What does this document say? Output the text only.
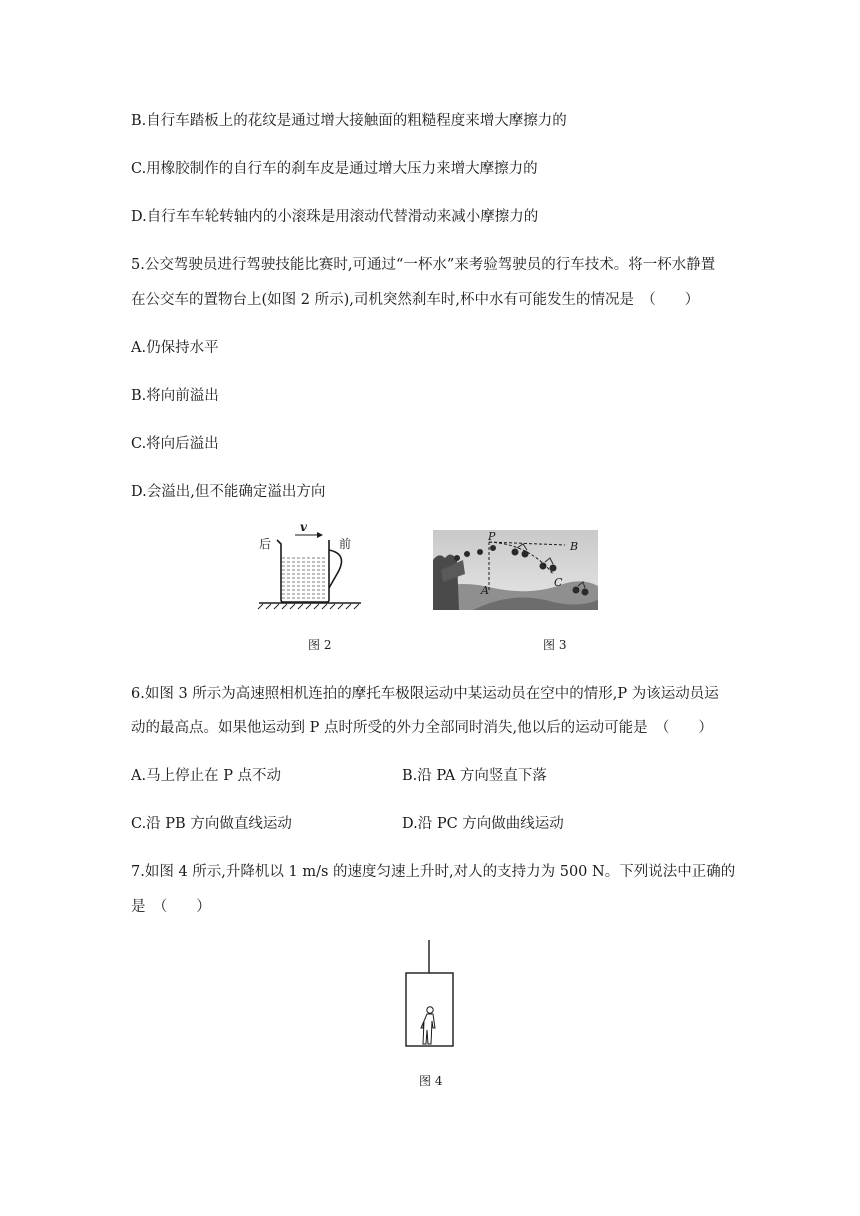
B.自行车踏板上的花纹是通过增大接触面的粗糙程度来增大摩擦力的
C.用橡胶制作的自行车的刹车皮是通过增大压力来增大摩擦力的
D.自行车车轮转轴内的小滚珠是用滚动代替滑动来减小摩擦力的
5.公交驾驶员进行驾驶技能比赛时,可通过“一杯水”来考验驾驶员的行车技术。将一杯水静置
在公交车的置物台上(如图 2 所示),司机突然刹车时,杯中水有可能发生的情况是　（　　）
A.仍保持水平
B.将向前溢出
C.将向后溢出
D.会溢出,但不能确定溢出方向
后	前
v
P
A
B
C
图 2	图 3
6.如图 3 所示为高速照相机连拍的摩托车极限运动中某运动员在空中的情形,P 为该运动员运
动的最高点。如果他运动到 P 点时所受的外力全部同时消失,他以后的运动可能是　（　　）
A.马上停止在 P 点不动	B.沿 PA 方向竖直下落
C.沿 PB 方向做直线运动	D.沿 PC 方向做曲线运动
7.如图 4 所示,升降机以 1 m/s 的速度匀速上升时,对人的支持力为 500 N。下列说法中正确的
是　（　　）
图 4
